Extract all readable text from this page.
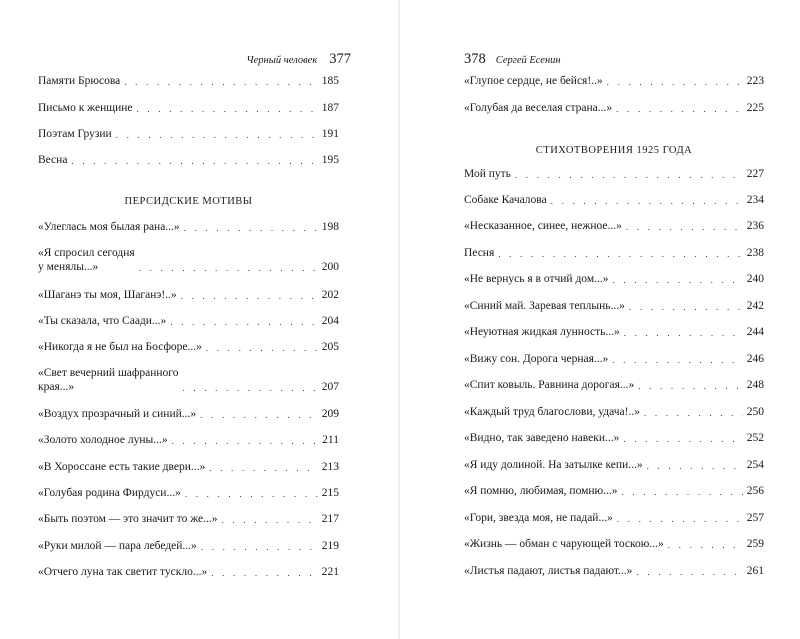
Черный человек 377
Памяти Брюсова . . .	185
Письмо к женщине . . .	187
Поэтам Грузии . . .	191
Весна . . .	195
ПЕРСИДСКИЕ МОТИВЫ
«Улеглась моя былая рана...» . . .	198
«Я спросил сегодня
у менялы...» . . .	200
«Шаганэ ты моя, Шаганэ!..» . . .	202
«Ты сказала, что Саади...» . . .	204
«Никогда я не был на Босфоре...» . . .	205
«Свет вечерний шафранного
края...» . . .	207
«Воздух прозрачный и синий...» . . .	209
«Золото холодное луны...» . . .	211
«В Хороссане есть такие двери...» . . .	213
«Голубая родина Фирдуси...» . . .	215
«Быть поэтом — это значит то же...» . . .	217
«Руки милой — пара лебедей...» . . .	219
«Отчего луна так светит тускло...» . . .	221
378 Сергей Есенин
«Глупое сердце, не бейся!..» . . .	223
«Голубая да веселая страна...» . . .	225
СТИХОТВОРЕНИЯ 1925 ГОДА
Мой путь . . .	227
Собаке Качалова . . .	234
«Несказанное, синее, нежное...» . . .	236
Песня . . .	238
«Не вернусь я в отчий дом...» . . .	240
«Синий май. Заревая теплынь...» . . .	242
«Неуютная жидкая лунность...» . . .	244
«Вижу сон. Дорога черная...» . . .	246
«Спит ковыль. Равнина дорогая...» . . .	248
«Каждый труд благослови, удача!..» . . .	250
«Видно, так заведено навеки...» . . .	252
«Я иду долиной. На затылке кепи...» . . .	254
«Я помню, любимая, помню...» . . .	256
«Гори, звезда моя, не падай...» . . .	257
«Жизнь — обман с чарующей тоскою...» . . .	259
«Листья падают, листья падают...» . . .	261
